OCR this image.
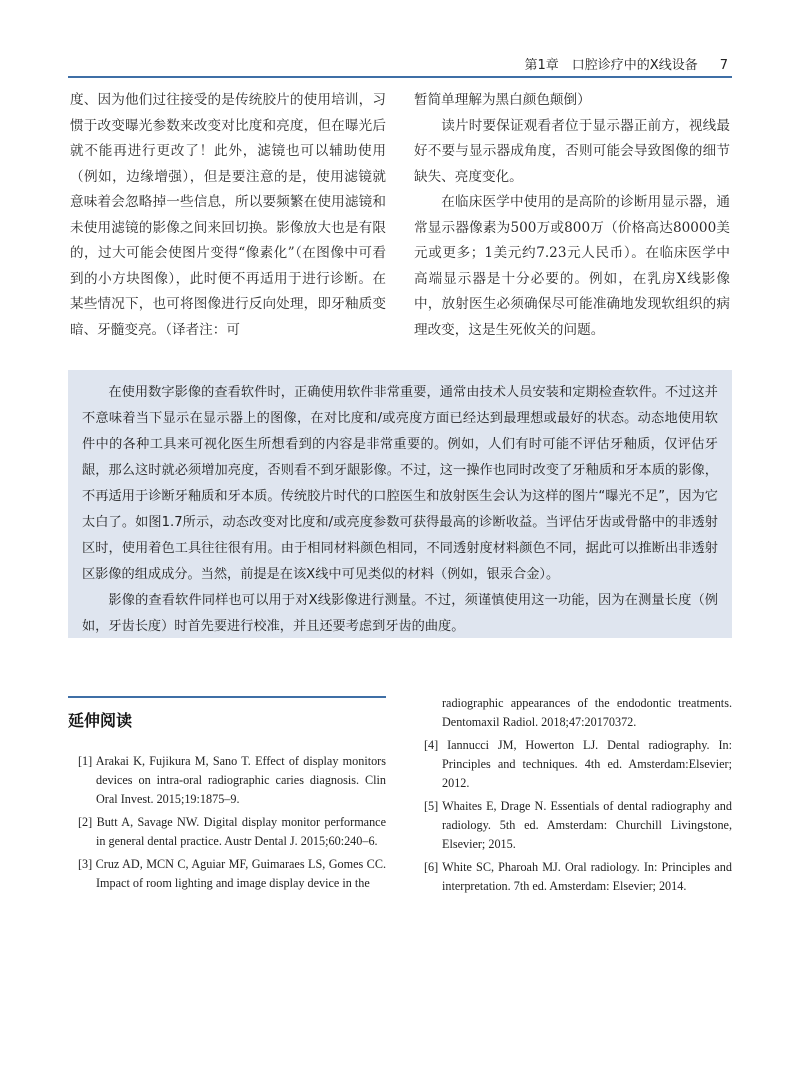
第1章　口腔诊疗中的X线设备 7

度、因为他们过往接受的是传统胶片的使用培训，习惯于改变曝光参数来改变对比度和亮度，但在曝光后就不能再进行更改了！此外，滤镜也可以辅助使用（例如，边缘增强），但是要注意的是，使用滤镜就意味着会忽略掉一些信息，所以要频繁在使用滤镜和未使用滤镜的影像之间来回切换。影像放大也是有限的，过大可能会使图片变得“像素化”（在图像中可看到的小方块图像），此时便不再适用于进行诊断。在某些情况下，也可将图像进行反向处理，即牙釉质变暗、牙髓变亮。（译者注：可

暂简单理解为黑白颜色颠倒）

读片时要保证观看者位于显示器正前方，视线最好不要与显示器成角度，否则可能会导致图像的细节缺失、亮度变化。

在临床医学中使用的是高阶的诊断用显示器，通常显示器像素为500万或800万（价格高达80000美元或更多；1美元约7.23元人民币）。在临床医学中高端显示器是十分必要的。例如，在乳房X线影像中，放射医生必须确保尽可能准确地发现软组织的病理改变，这是生死攸关的问题。

在使用数字影像的查看软件时，正确使用软件非常重要，通常由技术人员安装和定期检查软件。不过这并不意味着当下显示在显示器上的图像，在对比度和/或亮度方面已经达到最理想或最好的状态。动态地使用软件中的各种工具来可视化医生所想看到的内容是非常重要的。例如，人们有时可能不评估牙釉质，仅评估牙龈，那么这时就必须增加亮度，否则看不到牙龈影像。不过，这一操作也同时改变了牙釉质和牙本质的影像，不再适用于诊断牙釉质和牙本质。传统胶片时代的口腔医生和放射医生会认为这样的图片“曝光不足”，因为它太白了。如图1.7所示，动态改变对比度和/或亮度参数可获得最高的诊断收益。当评估牙齿或骨骼中的非透射区时，使用着色工具往往很有用。由于相同材料颜色相同，不同透射度材料颜色不同，据此可以推断出非透射区影像的组成成分。当然，前提是在该X线中可见类似的材料（例如，银汞合金）。

影像的查看软件同样也可以用于对X线影像进行测量。不过，须谨慎使用这一功能，因为在测量长度（例如，牙齿长度）时首先要进行校准，并且还要考虑到牙齿的曲度。

延伸阅读
[1] Arakai K, Fujikura M, Sano T. Effect of display monitors devices on intra-oral radiographic caries diagnosis. Clin Oral Invest. 2015;19:1875–9.
[2] Butt A, Savage NW. Digital display monitor performance in general dental practice. Austr Dental J. 2015;60:240–6.
[3] Cruz AD, MCN C, Aguiar MF, Guimaraes LS, Gomes CC. Impact of room lighting and image display device in the
radiographic appearances of the endodontic treatments. Dentomaxil Radiol. 2018;47:20170372.
[4] Iannucci JM, Howerton LJ. Dental radiography. In: Principles and techniques. 4th ed. Amsterdam:Elsevier; 2012.
[5] Whaites E, Drage N. Essentials of dental radiography and radiology. 5th ed. Amsterdam: Churchill Livingstone, Elsevier; 2015.
[6] White SC, Pharoah MJ. Oral radiology. In: Principles and interpretation. 7th ed. Amsterdam: Elsevier; 2014.
